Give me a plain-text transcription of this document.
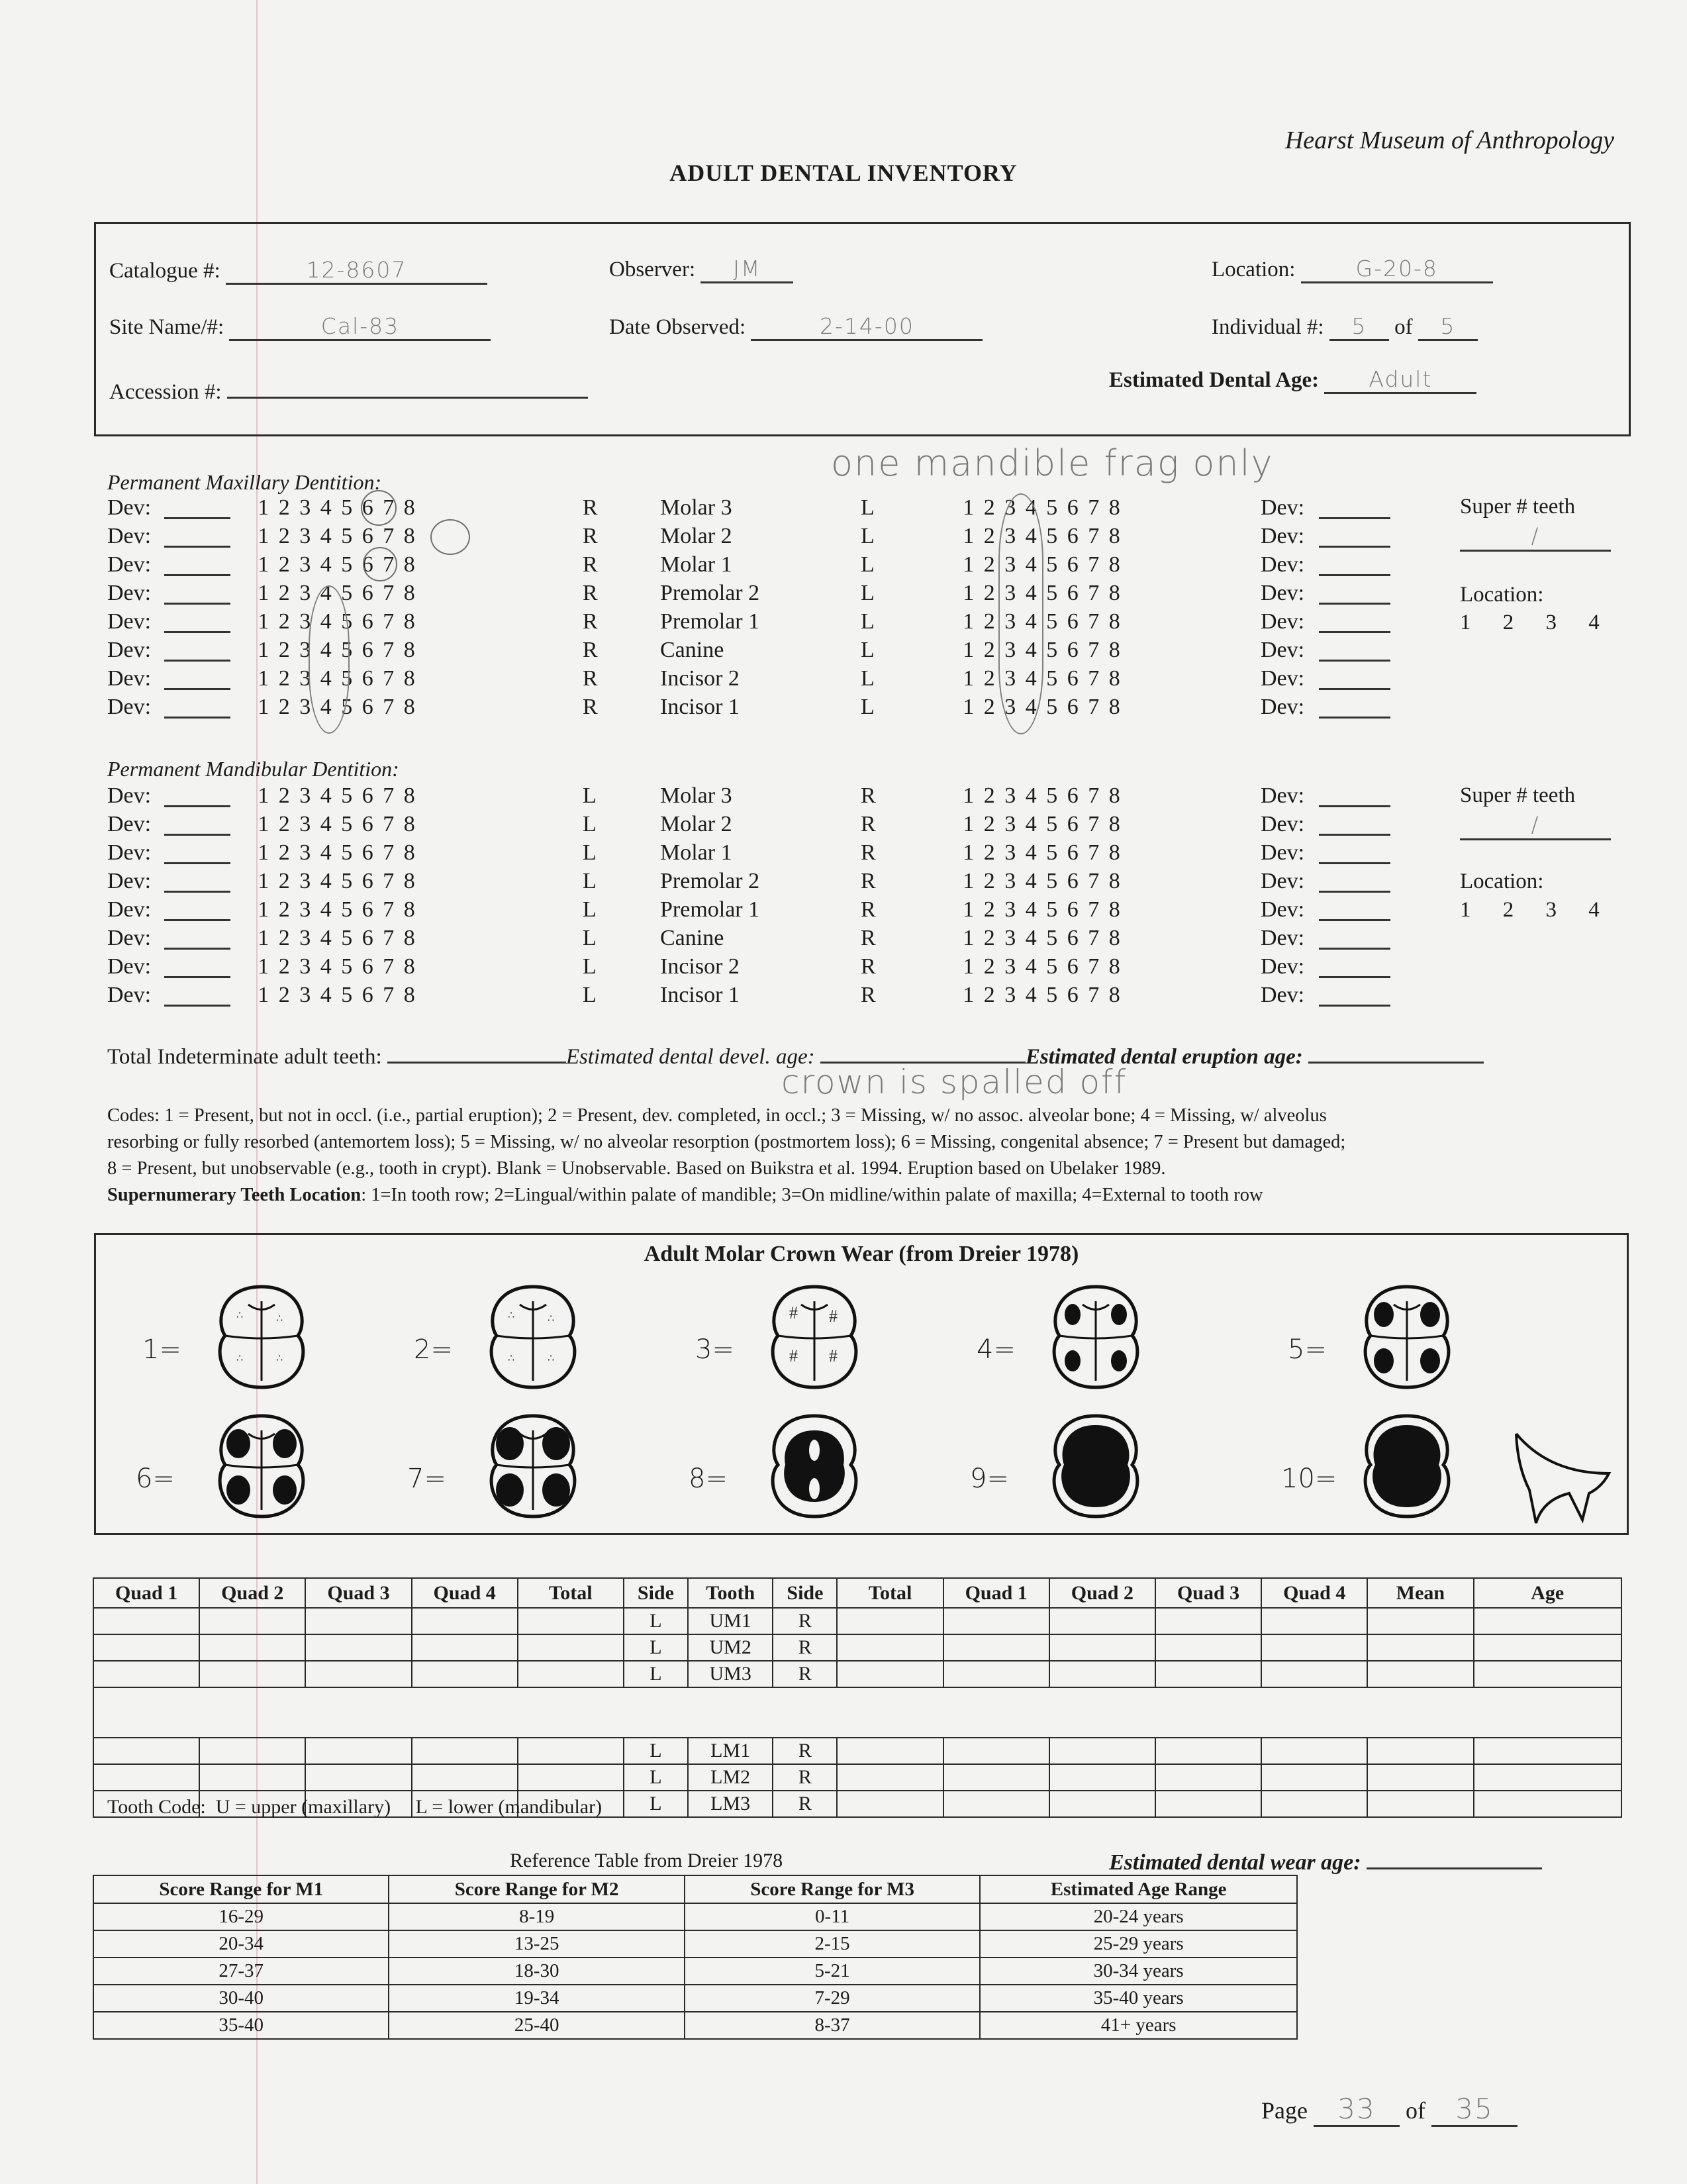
Hearst Museum of Anthropology
ADULT DENTAL INVENTORY
Catalogue #:	12-8607
Site Name/#:	Cal-83
Accession #:
Observer: JM
Date Observed:	2-14-00
Location:	G-20-8
Individual #: 5 of 5
Estimated Dental Age: Adult
one mandible frag only
Permanent Maxillary Dentition:
Dev:	1 2 3 4 5 6 7 8	R	Molar 3	L	1 2 3 4 5 6 7 8	Dev:
Dev:	1 2 3 4 5 6 7 8	R	Molar 2	L	1 2 3 4 5 6 7 8	Dev:
Dev:	1 2 3 4 5 6 7 8	R	Molar 1	L	1 2 3 4 5 6 7 8	Dev:
Dev:	1 2 3 4 5 6 7 8	R	Premolar 2	L	1 2 3 4 5 6 7 8	Dev:
Dev:	1 2 3 4 5 6 7 8	R	Premolar 1	L	1 2 3 4 5 6 7 8	Dev:
Dev:	1 2 3 4 5 6 7 8	R	Canine	L	1 2 3 4 5 6 7 8	Dev:
Dev:	1 2 3 4 5 6 7 8	R	Incisor 2	L	1 2 3 4 5 6 7 8	Dev:
Dev:	1 2 3 4 5 6 7 8	R	Incisor 1	L	1 2 3 4 5 6 7 8	Dev:
Super # teeth
/
Location:
1 2 3 4
Permanent Mandibular Dentition:
Dev:	1 2 3 4 5 6 7 8	L	Molar 3	R	1 2 3 4 5 6 7 8	Dev:
Dev:	1 2 3 4 5 6 7 8	L	Molar 2	R	1 2 3 4 5 6 7 8	Dev:
Dev:	1 2 3 4 5 6 7 8	L	Molar 1	R	1 2 3 4 5 6 7 8	Dev:
Dev:	1 2 3 4 5 6 7 8	L	Premolar 2	R	1 2 3 4 5 6 7 8	Dev:
Dev:	1 2 3 4 5 6 7 8	L	Premolar 1	R	1 2 3 4 5 6 7 8	Dev:
Dev:	1 2 3 4 5 6 7 8	L	Canine	R	1 2 3 4 5 6 7 8	Dev:
Dev:	1 2 3 4 5 6 7 8	L	Incisor 2	R	1 2 3 4 5 6 7 8	Dev:
Dev:	1 2 3 4 5 6 7 8	L	Incisor 1	R	1 2 3 4 5 6 7 8	Dev:
Super # teeth
/
Location:
1 2 3 4
Total Indeterminate adult teeth:	Estimated dental devel. age:	Estimated dental eruption age:
crown is spalled off
Codes: 1 = Present, but not in occl. (i.e., partial eruption); 2 = Present, dev. completed, in occl.; 3 = Missing, w/ no assoc. alveolar bone; 4 = Missing, w/ alveolus
resorbing or fully resorbed (antemortem loss); 5 = Missing, w/ no alveolar resorption (postmortem loss); 6 = Missing, congenital absence; 7 = Present but damaged;
8 = Present, but unobservable (e.g., tooth in crypt). Blank = Unobservable. Based on Buikstra et al. 1994. Eruption based on Ubelaker 1989.
Supernumerary Teeth Location: 1=In tooth row; 2=Lingual/within palate of mandible; 3=On midline/within palate of maxilla; 4=External to tooth row
Adult Molar Crown Wear (from Dreier 1978)
1=
∴	∴
∴	∴	2=
∴	∴
∴	∴	3=
# #
# #	4=	5=
6=	7=	8=	9=	10=
Quad 1	Quad 2	Quad 3	Quad 4	Total	Side	Tooth	Side	Total	Quad 1	Quad 2	Quad 3	Quad 4	Mean	Age
					L	UM1	R							
					L	UM2	R							
					L	UM3	R							

					L	LM1	R							
					L	LM2	R							
					L	LM3	R							
Tooth Code:  U = upper (maxillary)     L = lower (mandibular)
Reference Table from Dreier 1978	Estimated dental wear age:
Score Range for M1	Score Range for M2	Score Range for M3	Estimated Age Range
16-29	8-19	0-11	20-24 years
20-34	13-25	2-15	25-29 years
27-37	18-30	5-21	30-34 years
30-40	19-34	7-29	35-40 years
35-40	25-40	8-37	41+ years
Page 33 of 35
